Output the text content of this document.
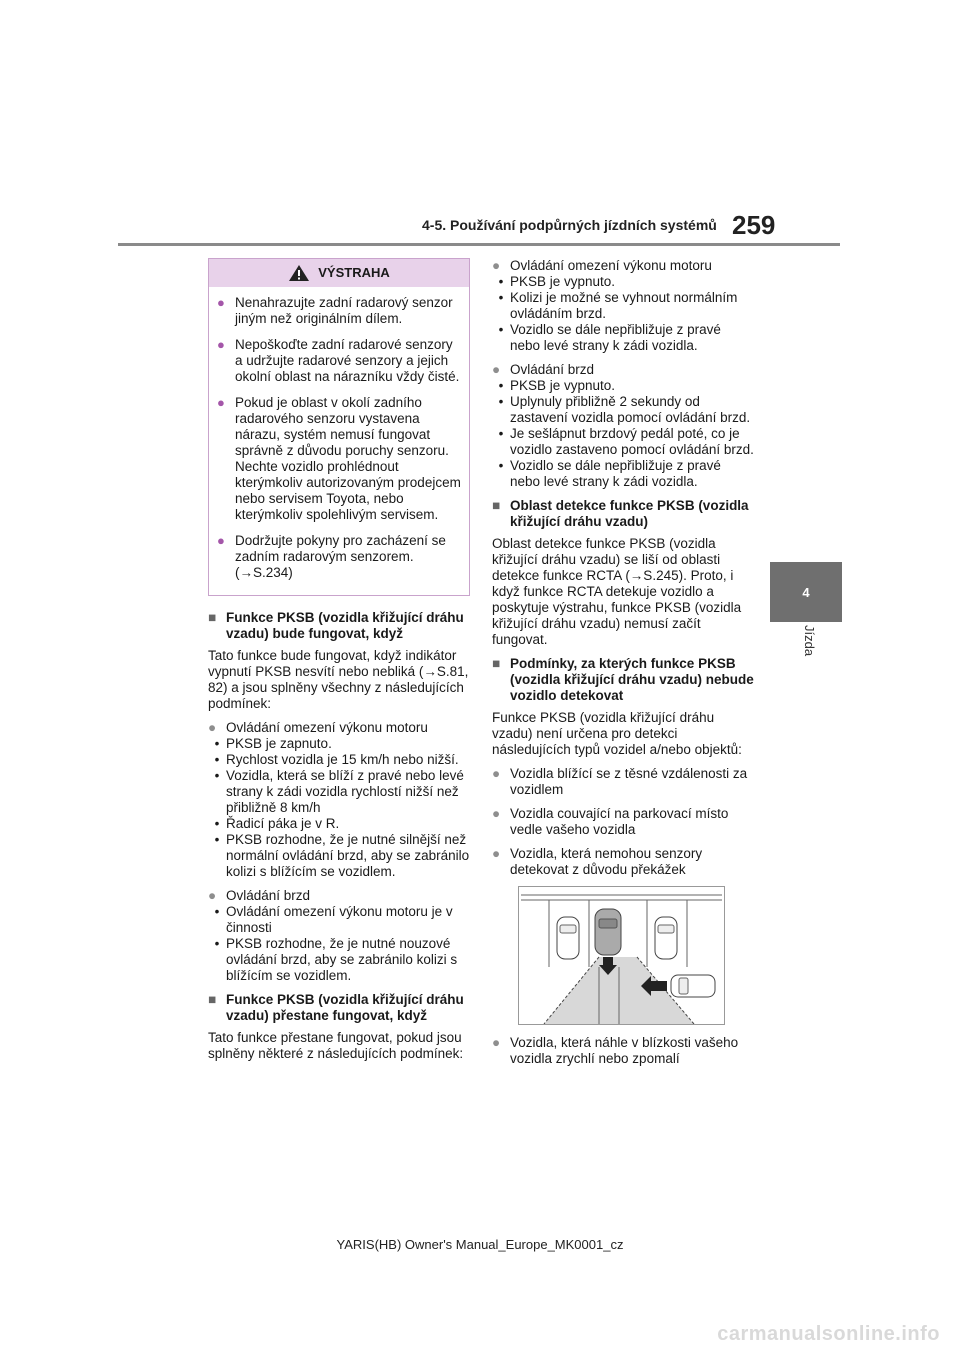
4-5. Používání podpůrných jízdních systémů 259
4
Jízda
VÝSTRAHA
● Nenahrazujte zadní radarový senzor jiným než originálním dílem.
● Nepoškoďte zadní radarové senzory a udržujte radarové senzory a jejich okolní oblast na nárazníku vždy čisté.
● Pokud je oblast v okolí zadního radarového senzoru vystavena nárazu, systém nemusí fungovat správně z důvodu poruchy senzoru. Nechte vozidlo prohlédnout kterýmkoliv autorizovaným prodejcem nebo servisem Toyota, nebo kterýmkoliv spolehlivým servisem.
● Dodržujte pokyny pro zacházení se zadním radarovým senzorem. (→S.234)
■ Funkce PKSB (vozidla křižující dráhu vzadu) bude fungovat, když
Tato funkce bude fungovat, když indikátor vypnutí PKSB nesvítí nebo nebliká (→S.81, 82) a jsou splněny všechny z následujících podmínek:
● Ovládání omezení výkonu motoru
• PKSB je zapnuto.
• Rychlost vozidla je 15 km/h nebo nižší.
• Vozidla, která se blíží z pravé nebo levé strany k zádi vozidla rychlostí nižší než přibližně 8 km/h
• Řadicí páka je v R.
• PKSB rozhodne, že je nutné silnější než normální ovládání brzd, aby se zabránilo kolizi s blížícím se vozidlem.
● Ovládání brzd
• Ovládání omezení výkonu motoru je v činnosti
• PKSB rozhodne, že je nutné nouzové ovládání brzd, aby se zabránilo kolizi s blížícím se vozidlem.
■ Funkce PKSB (vozidla křižující dráhu vzadu) přestane fungovat, když
Tato funkce přestane fungovat, pokud jsou splněny některé z následujících podmínek:
● Ovládání omezení výkonu motoru
• PKSB je vypnuto.
• Kolizi je možné se vyhnout normálním ovládáním brzd.
• Vozidlo se dále nepřibližuje z pravé nebo levé strany k zádi vozidla.
● Ovládání brzd
• PKSB je vypnuto.
• Uplynuly přibližně 2 sekundy od zastavení vozidla pomocí ovládání brzd.
• Je sešlápnut brzdový pedál poté, co je vozidlo zastaveno pomocí ovládání brzd.
• Vozidlo se dále nepřibližuje z pravé nebo levé strany k zádi vozidla.
■ Oblast detekce funkce PKSB (vozidla křižující dráhu vzadu)
Oblast detekce funkce PKSB (vozidla křižující dráhu vzadu) se liší od oblasti detekce funkce RCTA (→S.245). Proto, i když funkce RCTA detekuje vozidlo a poskytuje výstrahu, funkce PKSB (vozidla křižující dráhu vzadu) nemusí začít fungovat.
■ Podmínky, za kterých funkce PKSB (vozidla křižující dráhu vzadu) nebude vozidlo detekovat
Funkce PKSB (vozidla křižující dráhu vzadu) není určena pro detekci následujících typů vozidel a/nebo objektů:
● Vozidla blížící se z těsné vzdálenosti za vozidlem
● Vozidla couvající na parkovací místo vedle vašeho vozidla
● Vozidla, která nemohou senzory detekovat z důvodu překážek
● Vozidla, která náhle v blízkosti vašeho vozidla zrychlí nebo zpomalí
YARIS(HB) Owner's Manual_Europe_MK0001_cz
carmanualsonline.info
